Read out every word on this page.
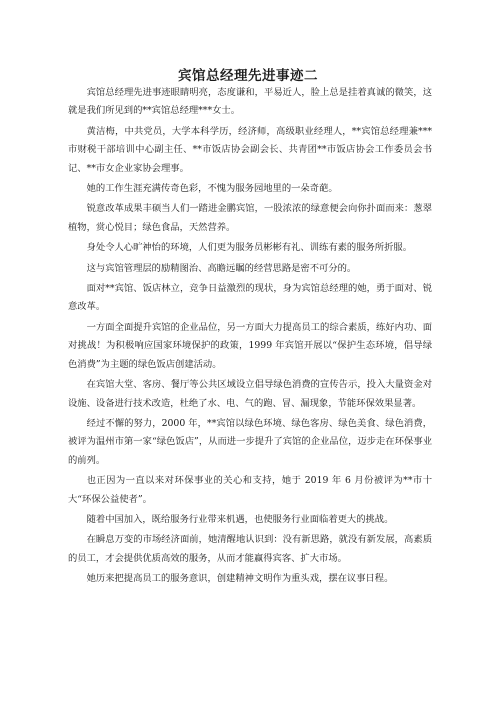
宾馆总经理先进事迹二

宾馆总经理先进事迹眼睛明亮，态度谦和，平易近人，脸上总是挂着真诚的微笑，这就是我们所见到的**宾馆总经理***女士。

黄洁梅，中共党员，大学本科学历，经济师，高级职业经理人，**宾馆总经理兼***市财税干部培训中心副主任、**市饭店协会副会长、共青团**市饭店协会工作委员会书记、**市女企业家协会理事。

她的工作生涯充满传奇色彩，不愧为服务园地里的一朵奇葩。

锐意改革成果丰硕当人们一踏进金鹏宾馆，一股浓浓的绿意便会向你扑面而来：葱翠植物，赏心悦目；绿色食品，天然营养。

身处令人心旷神怡的环境，人们更为服务员彬彬有礼、训练有素的服务所折服。

这与宾馆管理层的励精图治、高瞻远瞩的经营思路是密不可分的。

面对**宾馆、饭店林立，竞争日益激烈的现状，身为宾馆总经理的她，勇于面对、锐意改革。

一方面全面提升宾馆的企业品位，另一方面大力提高员工的综合素质，练好内功、面对挑战！为积极响应国家环境保护的政策，1999 年宾馆开展以“保护生态环境，倡导绿色消费”为主题的绿色饭店创建活动。

在宾馆大堂、客房、餐厅等公共区域设立倡导绿色消费的宣传告示，投入大量资金对设施、设备进行技术改造，杜绝了水、电、气的跑、冒、漏现象，节能环保效果显著。

经过不懈的努力，2000 年，**宾馆以绿色环境、绿色客房、绿色美食、绿色消费，被评为温州市第一家“绿色饭店”，从而进一步提升了宾馆的企业品位，迈步走在环保事业的前列。

也正因为一直以来对环保事业的关心和支持，她于 2019 年 6 月份被评为**市十大“环保公益使者”。

随着中国加入，既给服务行业带来机遇，也使服务行业面临着更大的挑战。

在瞬息万变的市场经济面前，她清醒地认识到：没有新思路，就没有新发展，高素质的员工，才会提供优质高效的服务，从而才能赢得宾客、扩大市场。

她历来把提高员工的服务意识，创建精神文明作为重头戏，摆在议事日程。
